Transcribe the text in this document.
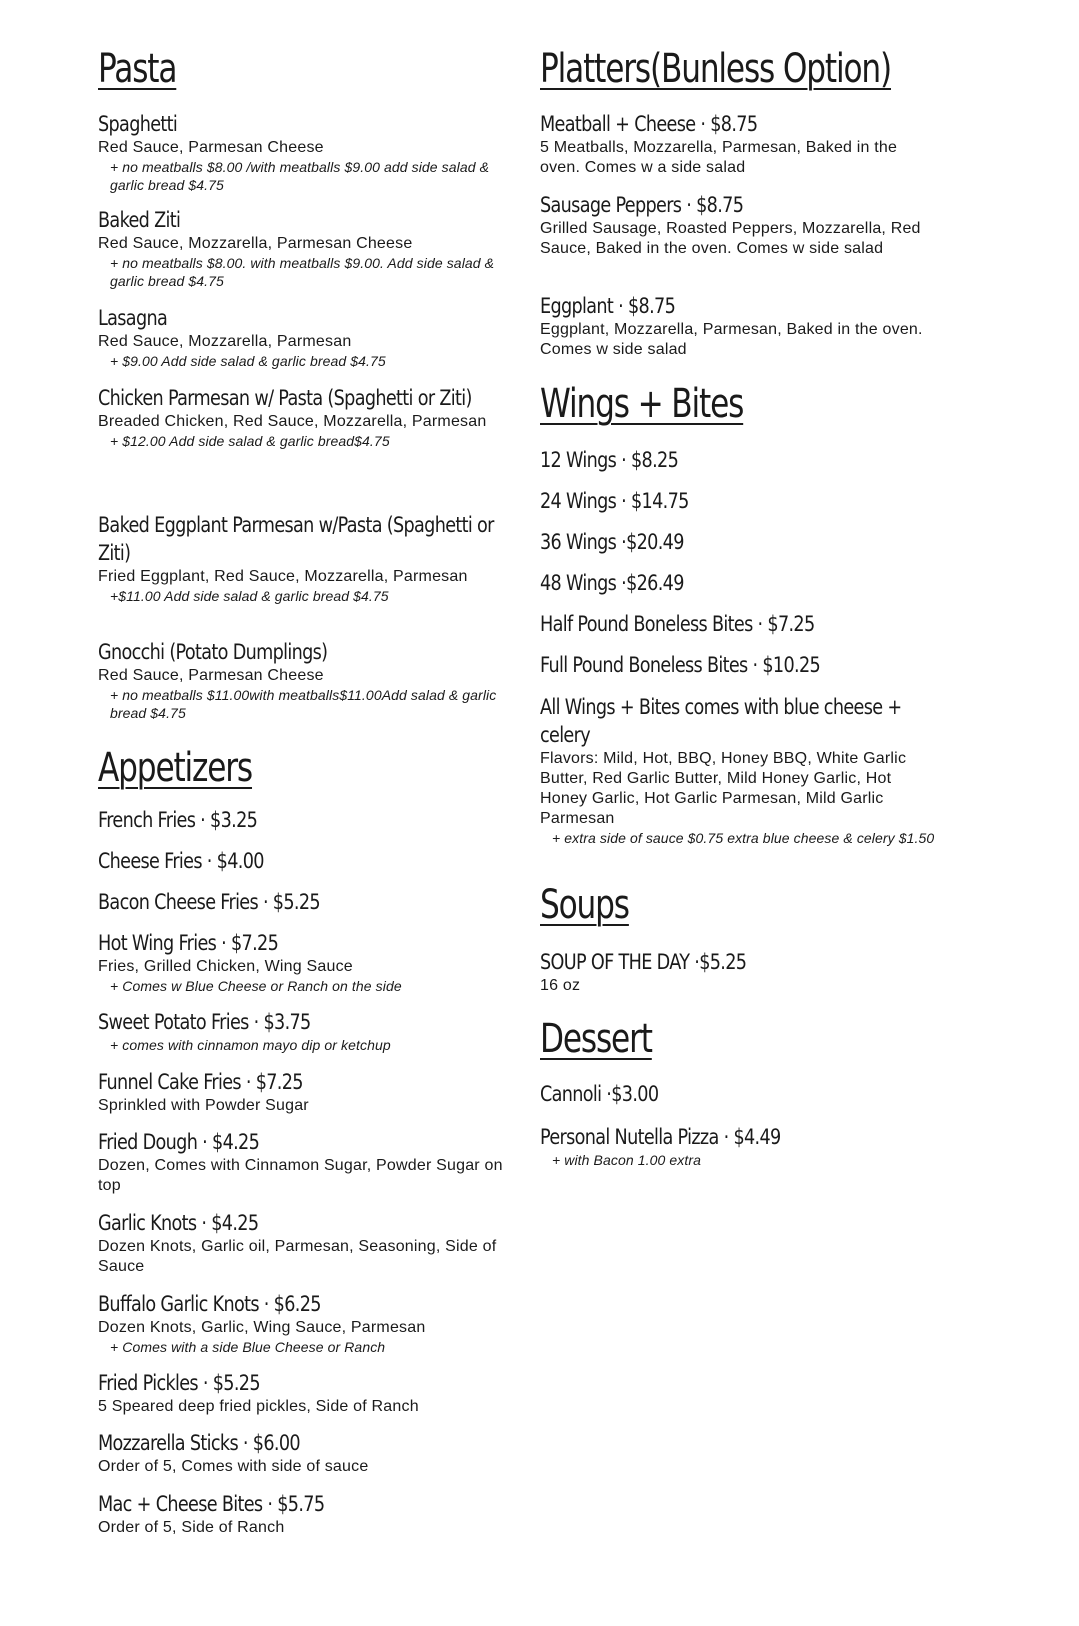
Pasta
Spaghetti
Red Sauce, Parmesan Cheese
+ no meatballs $8.00 /with meatballs $9.00 add side salad & garlic bread $4.75
Baked Ziti
Red Sauce, Mozzarella, Parmesan Cheese
+ no meatballs $8.00. with meatballs $9.00. Add side salad & garlic bread $4.75
Lasagna
Red Sauce, Mozzarella, Parmesan
+ $9.00 Add side salad & garlic bread $4.75
Chicken Parmesan w/ Pasta (Spaghetti or Ziti)
Breaded Chicken, Red Sauce, Mozzarella, Parmesan
+ $12.00 Add side salad & garlic bread$4.75
Baked Eggplant Parmesan w/Pasta (Spaghetti or Ziti)
Fried Eggplant, Red Sauce, Mozzarella, Parmesan
+$11.00 Add side salad & garlic bread $4.75
Gnocchi (Potato Dumplings)
Red Sauce, Parmesan Cheese
+ no meatballs $11.00with meatballs$11.00Add salad & garlic bread $4.75
Appetizers
French Fries · $3.25
Cheese Fries · $4.00
Bacon Cheese Fries · $5.25
Hot Wing Fries · $7.25
Fries, Grilled Chicken, Wing Sauce
+ Comes w Blue Cheese or Ranch on the side
Sweet Potato Fries · $3.75
+ comes with cinnamon mayo dip or ketchup
Funnel Cake Fries · $7.25
Sprinkled with Powder Sugar
Fried Dough · $4.25
Dozen, Comes with Cinnamon Sugar, Powder Sugar on top
Garlic Knots · $4.25
Dozen Knots, Garlic oil, Parmesan, Seasoning, Side of Sauce
Buffalo Garlic Knots · $6.25
Dozen Knots, Garlic, Wing Sauce, Parmesan
+ Comes with a side Blue Cheese or Ranch
Fried Pickles · $5.25
5 Speared deep fried pickles, Side of Ranch
Mozzarella Sticks · $6.00
Order of 5, Comes with side of sauce
Mac + Cheese Bites · $5.75
Order of 5, Side of Ranch
Platters(Bunless Option)
Meatball + Cheese · $8.75
5 Meatballs, Mozzarella, Parmesan, Baked in the oven. Comes w a side salad
Sausage Peppers · $8.75
Grilled Sausage, Roasted Peppers, Mozzarella, Red Sauce, Baked in the oven. Comes w side salad
Eggplant · $8.75
Eggplant, Mozzarella, Parmesan, Baked in the oven. Comes w side salad
Wings + Bites
12 Wings · $8.25
24 Wings · $14.75
36 Wings ·$20.49
48 Wings ·$26.49
Half Pound Boneless Bites · $7.25
Full Pound Boneless Bites · $10.25
All Wings + Bites comes with blue cheese + celery
Flavors: Mild, Hot, BBQ, Honey BBQ, White Garlic Butter, Red Garlic Butter, Mild Honey Garlic, Hot Honey Garlic, Hot Garlic Parmesan, Mild Garlic Parmesan
+ extra side of sauce $0.75 extra blue cheese & celery $1.50
Soups
SOUP OF THE DAY ·$5.25
16 oz
Dessert
Cannoli ·$3.00
Personal Nutella Pizza · $4.49
+ with Bacon 1.00 extra
